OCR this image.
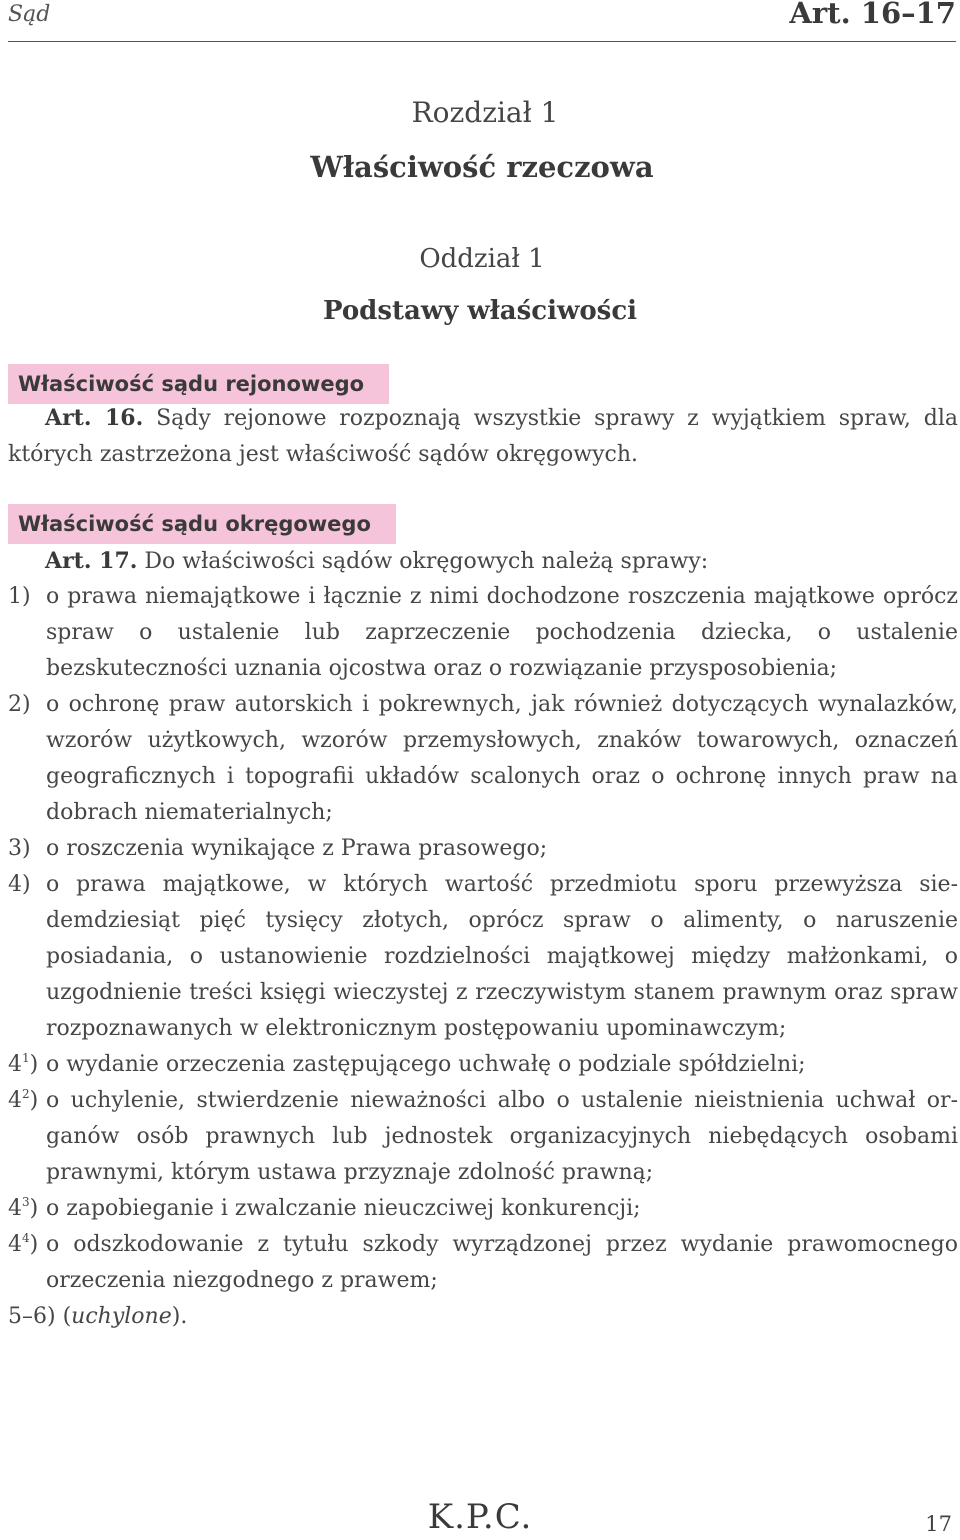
Sąd	Art. 16–17
Rozdział 1
Właściwość rzeczowa
Oddział 1
Podstawy właściwości
Właściwość sądu rejonowego
Art. 16. Sądy rejonowe rozpoznają wszystkie sprawy z wyjątkiem spraw, dla których zastrzeżona jest właściwość sądów okręgowych.
Właściwość sądu okręgowego
Art. 17. Do właściwości sądów okręgowych należą sprawy:
1) o prawa niemajątkowe i łącznie z nimi dochodzone roszczenia majątkowe oprócz spraw o ustalenie lub zaprzeczenie pochodzenia dziecka, o ustalenie bezskuteczności uznania ojcostwa oraz o rozwiązanie przysposobienia;
2) o ochronę praw autorskich i pokrewnych, jak również dotyczących wynalazków, wzorów użytkowych, wzorów przemysłowych, znaków towarowych, oznaczeń geograficznych i topografii układów scalonych oraz o ochronę innych praw na dobrach niematerialnych;
3) o roszczenia wynikające z Prawa prasowego;
4) o prawa majątkowe, w których wartość przedmiotu sporu przewyższa siedemdziesiąt pięć tysięcy złotych, oprócz spraw o alimenty, o naruszenie posiadania, o ustanowienie rozdzielności majątkowej między małżonkami, o uzgodnienie treści księgi wieczystej z rzeczywistym stanem prawnym oraz spraw rozpoznawanych w elektronicznym postępowaniu upominawczym;
$4^1$) o wydanie orzeczenia zastępującego uchwałę o podziale spółdzielni;
$4^2$) o uchylenie, stwierdzenie nieważności albo o ustalenie nieistnienia uchwał organów osób prawnych lub jednostek organizacyjnych niebędących osobami prawnymi, którym ustawa przyznaje zdolność prawną;
$4^3$) o zapobieganie i zwalczanie nieuczciwej konkurencji;
$4^4$) o odszkodowanie z tytułu szkody wyrządzonej przez wydanie prawomocnego orzeczenia niezgodnego z prawem;
5–6) (uchylone).
K.P.C.	17
